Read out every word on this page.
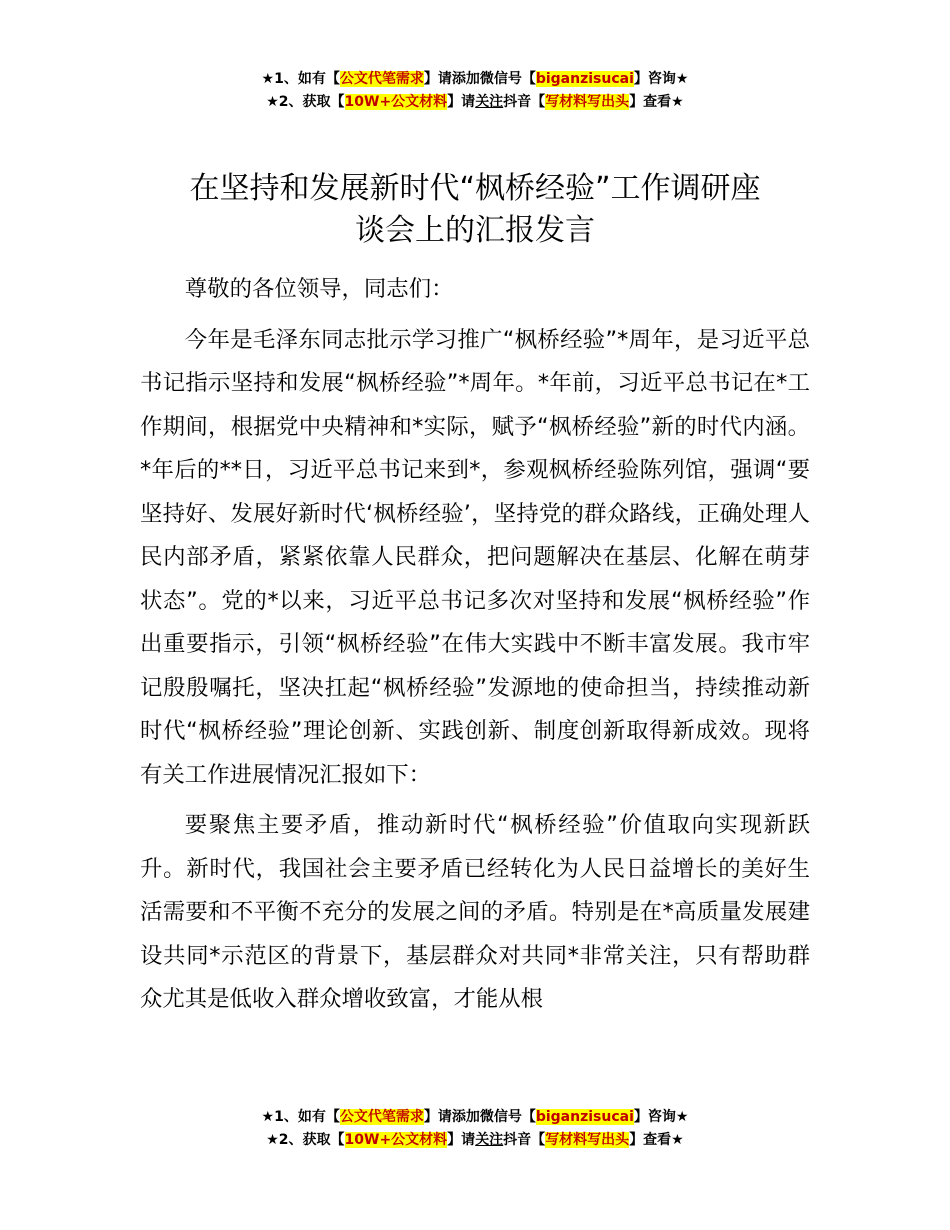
★1、如有【公文代笔需求】请添加微信号【biganzisucai】咨询★
★2、获取【10W+公文材料】请关注抖音【写材料写出头】查看★
在坚持和发展新时代“枫桥经验”工作调研座
谈会上的汇报发言

尊敬的各位领导，同志们：

今年是毛泽东同志批示学习推广“枫桥经验”*周年，是习近平总书记指示坚持和发展“枫桥经验”*周年。*年前，习近平总书记在*工作期间，根据党中央精神和*实际，赋予“枫桥经验”新的时代内涵。*年后的**日，习近平总书记来到*，参观枫桥经验陈列馆，强调“要坚持好、发展好新时代‘枫桥经验’，坚持党的群众路线，正确处理人民内部矛盾，紧紧依靠人民群众，把问题解决在基层、化解在萌芽状态”。党的*以来，习近平总书记多次对坚持和发展“枫桥经验”作出重要指示，引领“枫桥经验”在伟大实践中不断丰富发展。我市牢记殷殷嘱托，坚决扛起“枫桥经验”发源地的使命担当，持续推动新时代“枫桥经验”理论创新、实践创新、制度创新取得新成效。现将有关工作进展情况汇报如下：

要聚焦主要矛盾，推动新时代“枫桥经验”价值取向实现新跃升。新时代，我国社会主要矛盾已经转化为人民日益增长的美好生活需要和不平衡不充分的发展之间的矛盾。特别是在*高质量发展建设共同*示范区的背景下，基层群众对共同*非常关注，只有帮助群众尤其是低收入群众增收致富，才能从根

★1、如有【公文代笔需求】请添加微信号【biganzisucai】咨询★
★2、获取【10W+公文材料】请关注抖音【写材料写出头】查看★
